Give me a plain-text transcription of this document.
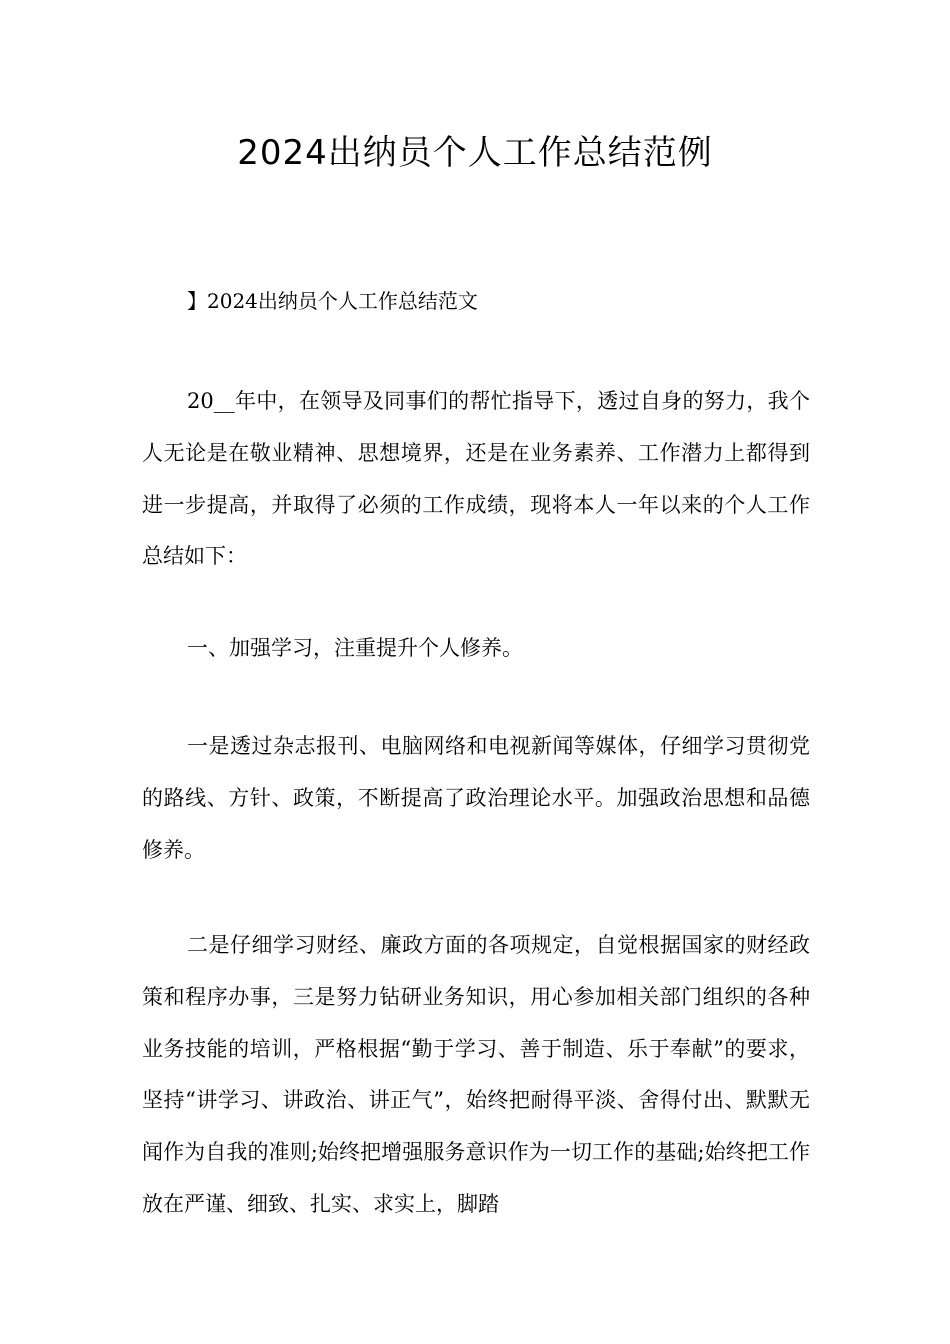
2024出纳员个人工作总结范例

】2024出纳员个人工作总结范文

20__年中，在领导及同事们的帮忙指导下，透过自身的努力，我个人无论是在敬业精神、思想境界，还是在业务素养、工作潜力上都得到进一步提高，并取得了必须的工作成绩，现将本人一年以来的个人工作总结如下：

一、加强学习，注重提升个人修养。

一是透过杂志报刊、电脑网络和电视新闻等媒体，仔细学习贯彻党的路线、方针、政策，不断提高了政治理论水平。加强政治思想和品德修养。

二是仔细学习财经、廉政方面的各项规定，自觉根据国家的财经政策和程序办事，三是努力钻研业务知识，用心参加相关部门组织的各种业务技能的培训，严格根据“勤于学习、善于制造、乐于奉献”的要求，坚持“讲学习、讲政治、讲正气”，始终把耐得平淡、舍得付出、默默无闻作为自我的准则;始终把增强服务意识作为一切工作的基础;始终把工作放在严谨、细致、扎实、求实上，脚踏
